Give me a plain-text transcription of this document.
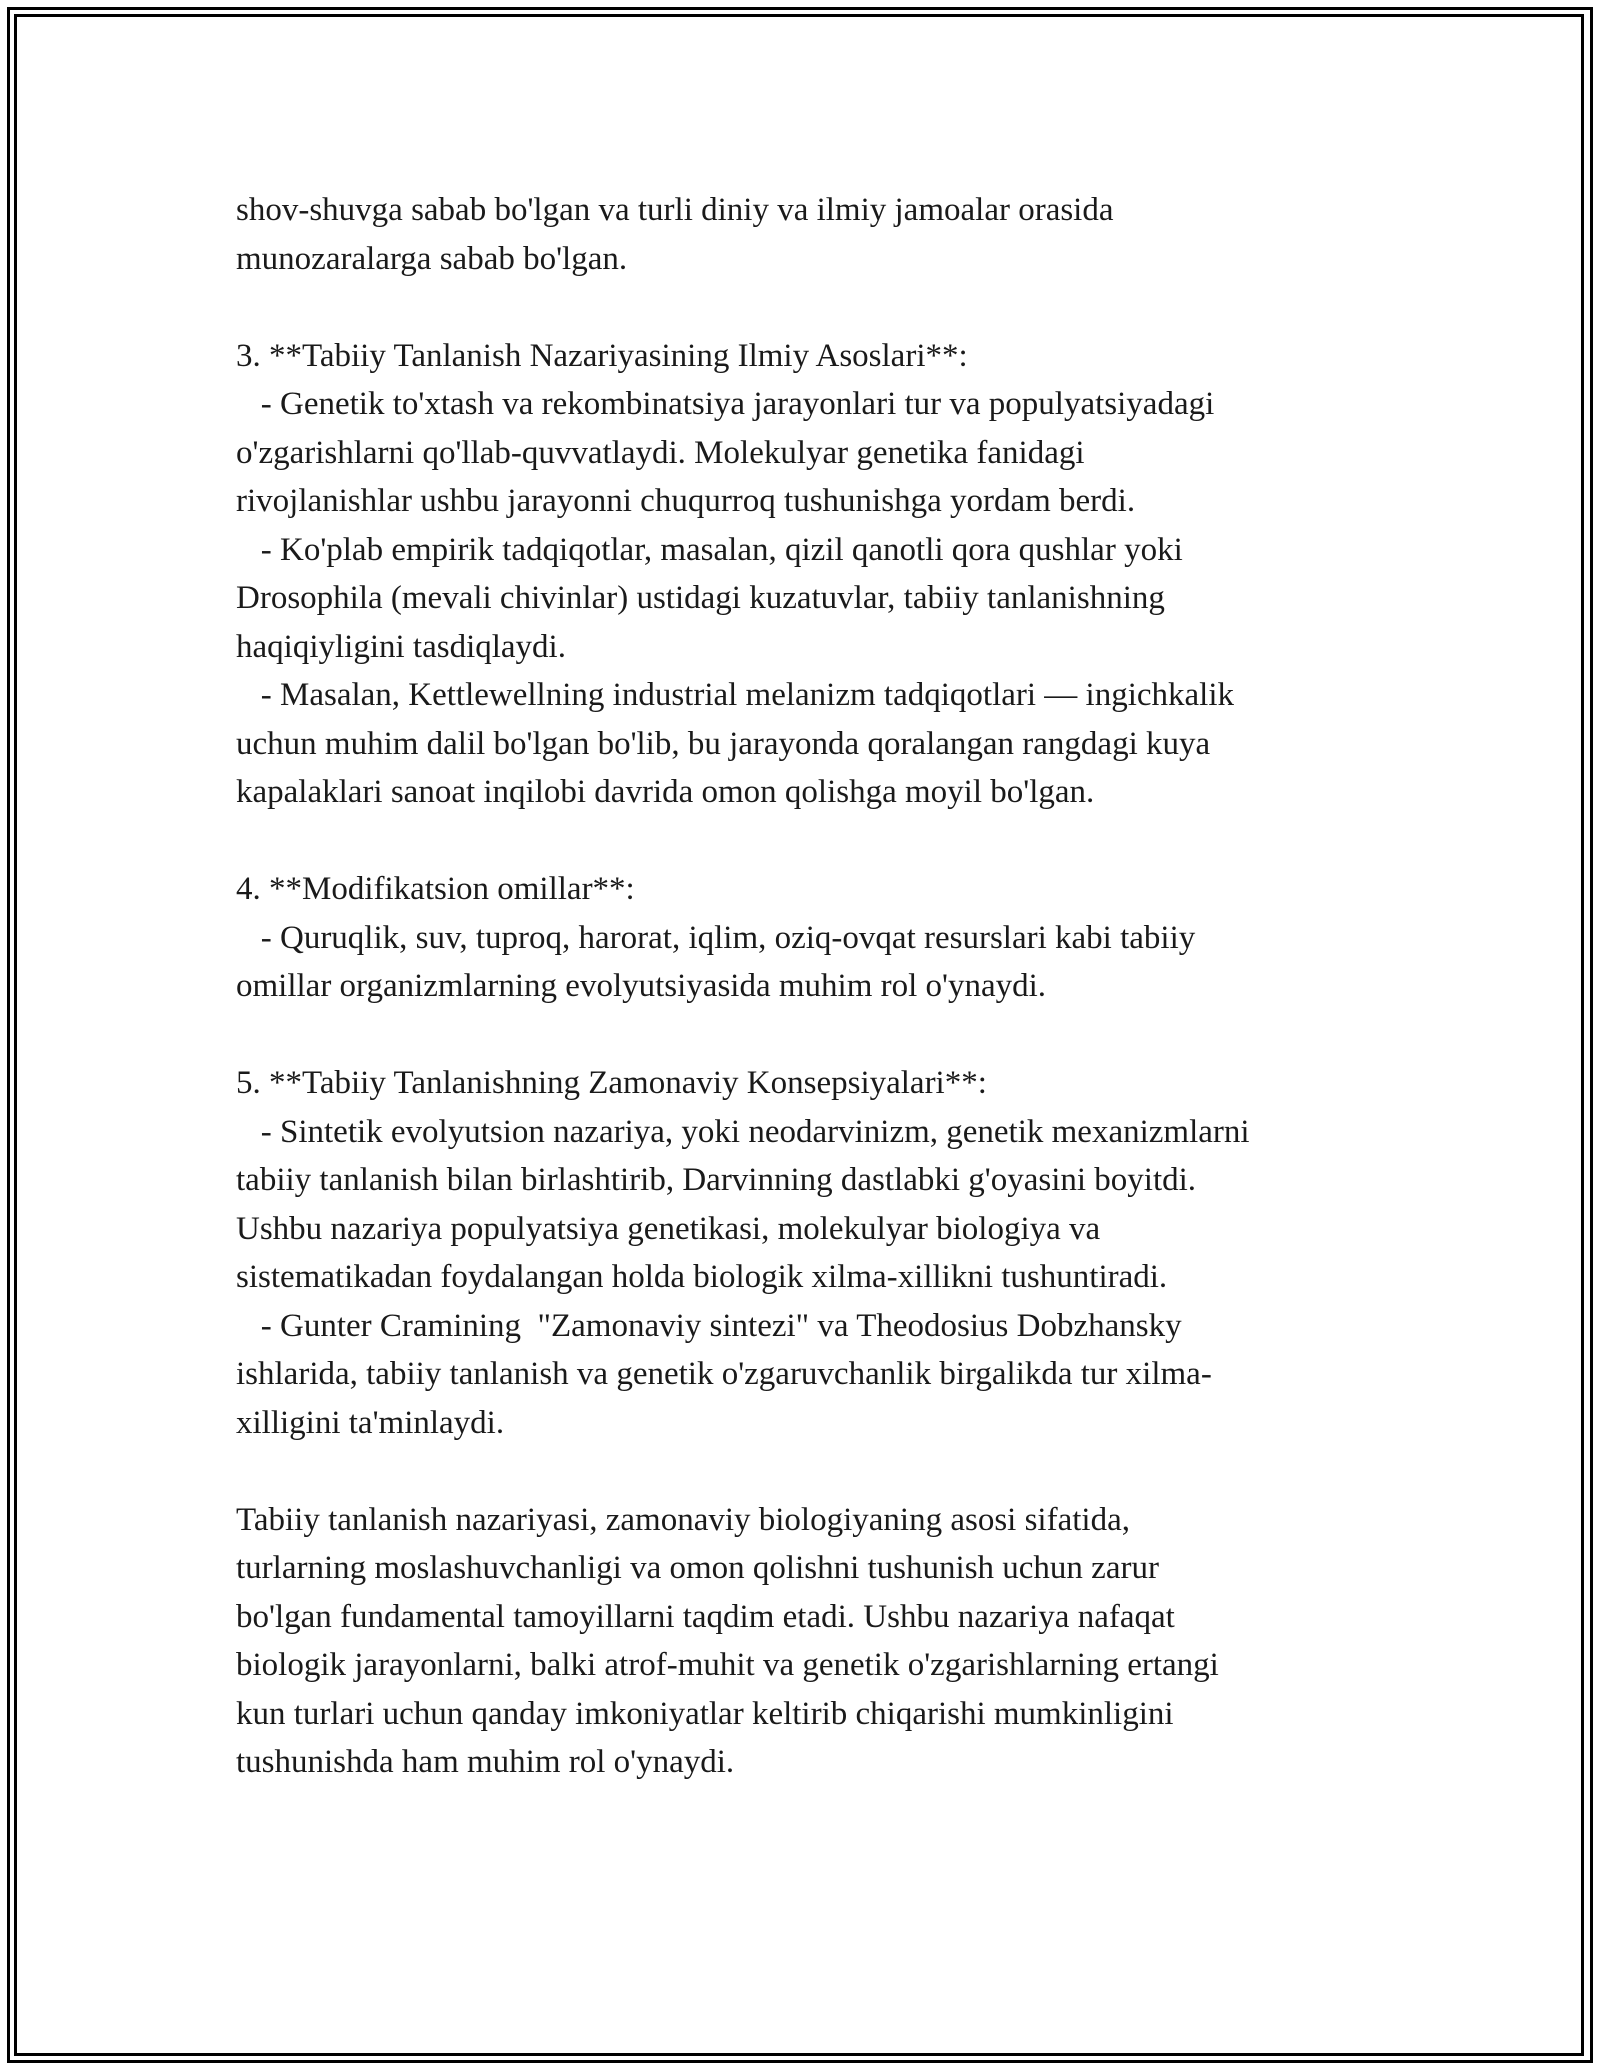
shov-shuvga sabab bo'lgan va turli diniy va ilmiy jamoalar orasida
munozaralarga sabab bo'lgan.
3. **Tabiiy Tanlanish Nazariyasining Ilmiy Asoslari**:
- Genetik to'xtash va rekombinatsiya jarayonlari tur va populyatsiyadagi
o'zgarishlarni qo'llab-quvvatlaydi. Molekulyar genetika fanidagi
rivojlanishlar ushbu jarayonni chuqurroq tushunishga yordam berdi.
- Ko'plab empirik tadqiqotlar, masalan, qizil qanotli qora qushlar yoki
Drosophila (mevali chivinlar) ustidagi kuzatuvlar, tabiiy tanlanishning
haqiqiyligini tasdiqlaydi.
- Masalan, Kettlewellning industrial melanizm tadqiqotlari — ingichkalik
uchun muhim dalil bo'lgan bo'lib, bu jarayonda qoralangan rangdagi kuya
kapalaklari sanoat inqilobi davrida omon qolishga moyil bo'lgan.
4. **Modifikatsion omillar**:
- Quruqlik, suv, tuproq, harorat, iqlim, oziq-ovqat resurslari kabi tabiiy
omillar organizmlarning evolyutsiyasida muhim rol o'ynaydi.
5. **Tabiiy Tanlanishning Zamonaviy Konsepsiyalari**:
- Sintetik evolyutsion nazariya, yoki neodarvinizm, genetik mexanizmlarni
tabiiy tanlanish bilan birlashtirib, Darvinning dastlabki g'oyasini boyitdi.
Ushbu nazariya populyatsiya genetikasi, molekulyar biologiya va
sistematikadan foydalangan holda biologik xilma-xillikni tushuntiradi.
- Gunter Cramining  "Zamonaviy sintezi" va Theodosius Dobzhansky
ishlarida, tabiiy tanlanish va genetik o'zgaruvchanlik birgalikda tur xilma-
xilligini ta'minlaydi.
Tabiiy tanlanish nazariyasi, zamonaviy biologiyaning asosi sifatida,
turlarning moslashuvchanligi va omon qolishni tushunish uchun zarur
bo'lgan fundamental tamoyillarni taqdim etadi. Ushbu nazariya nafaqat
biologik jarayonlarni, balki atrof-muhit va genetik o'zgarishlarning ertangi
kun turlari uchun qanday imkoniyatlar keltirib chiqarishi mumkinligini
tushunishda ham muhim rol o'ynaydi.
